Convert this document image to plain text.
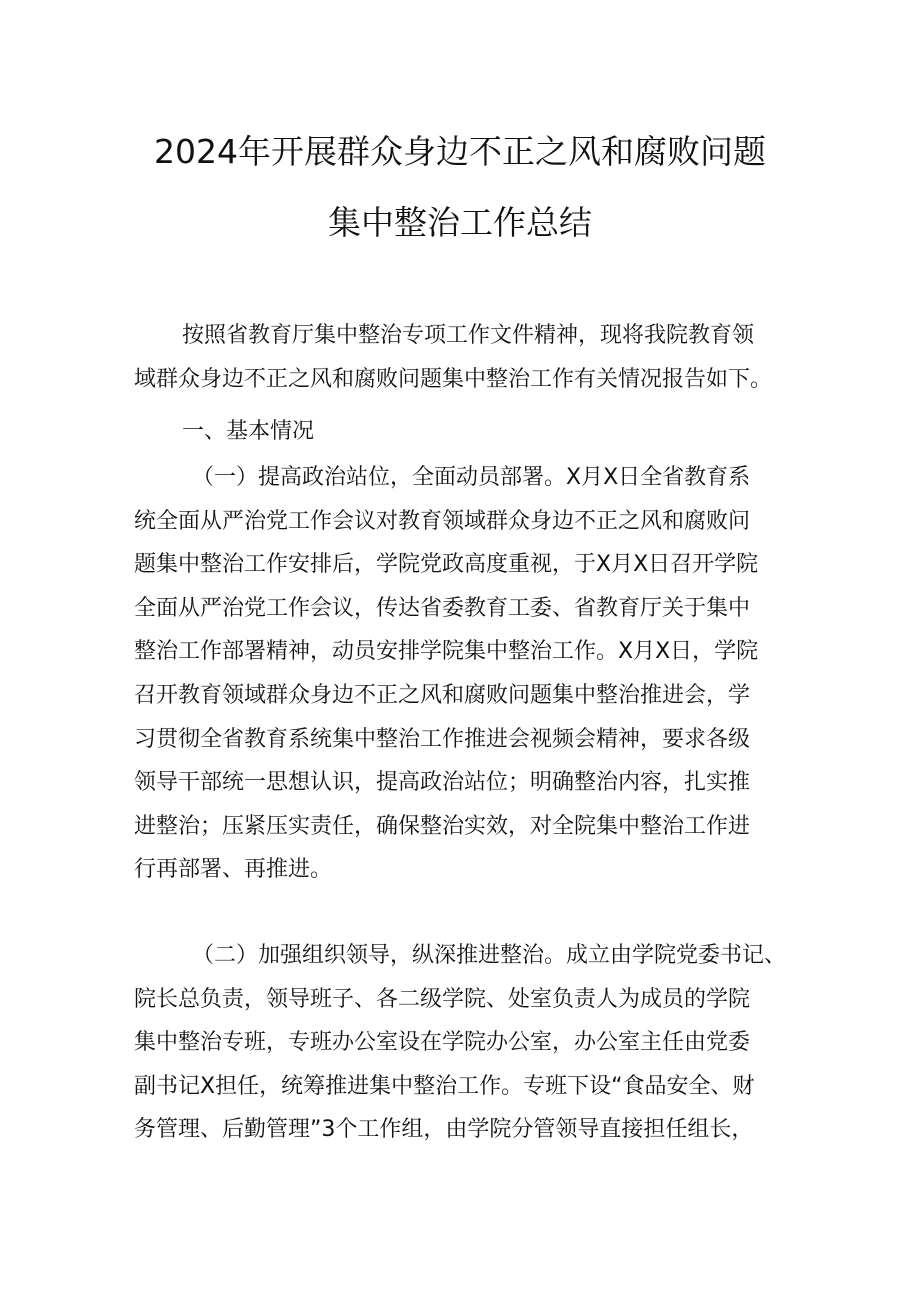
2024年开展群众身边不正之风和腐败问题
集中整治工作总结
按照省教育厅集中整治专项工作文件精神，现将我院教育领
域群众身边不正之风和腐败问题集中整治工作有关情况报告如下。
一、基本情况
（一）提高政治站位，全面动员部署。X月X日全省教育系
统全面从严治党工作会议对教育领域群众身边不正之风和腐败问
题集中整治工作安排后，学院党政高度重视，于X月X日召开学院
全面从严治党工作会议，传达省委教育工委、省教育厅关于集中
整治工作部署精神，动员安排学院集中整治工作。X月X日，学院
召开教育领域群众身边不正之风和腐败问题集中整治推进会，学
习贯彻全省教育系统集中整治工作推进会视频会精神，要求各级
领导干部统一思想认识，提高政治站位；明确整治内容，扎实推
进整治；压紧压实责任，确保整治实效，对全院集中整治工作进
行再部署、再推进。
（二）加强组织领导，纵深推进整治。成立由学院党委书记、
院长总负责，领导班子、各二级学院、处室负责人为成员的学院
集中整治专班，专班办公室设在学院办公室，办公室主任由党委
副书记X担任，统筹推进集中整治工作。专班下设“食品安全、财
务管理、后勤管理”3个工作组，由学院分管领导直接担任组长，
